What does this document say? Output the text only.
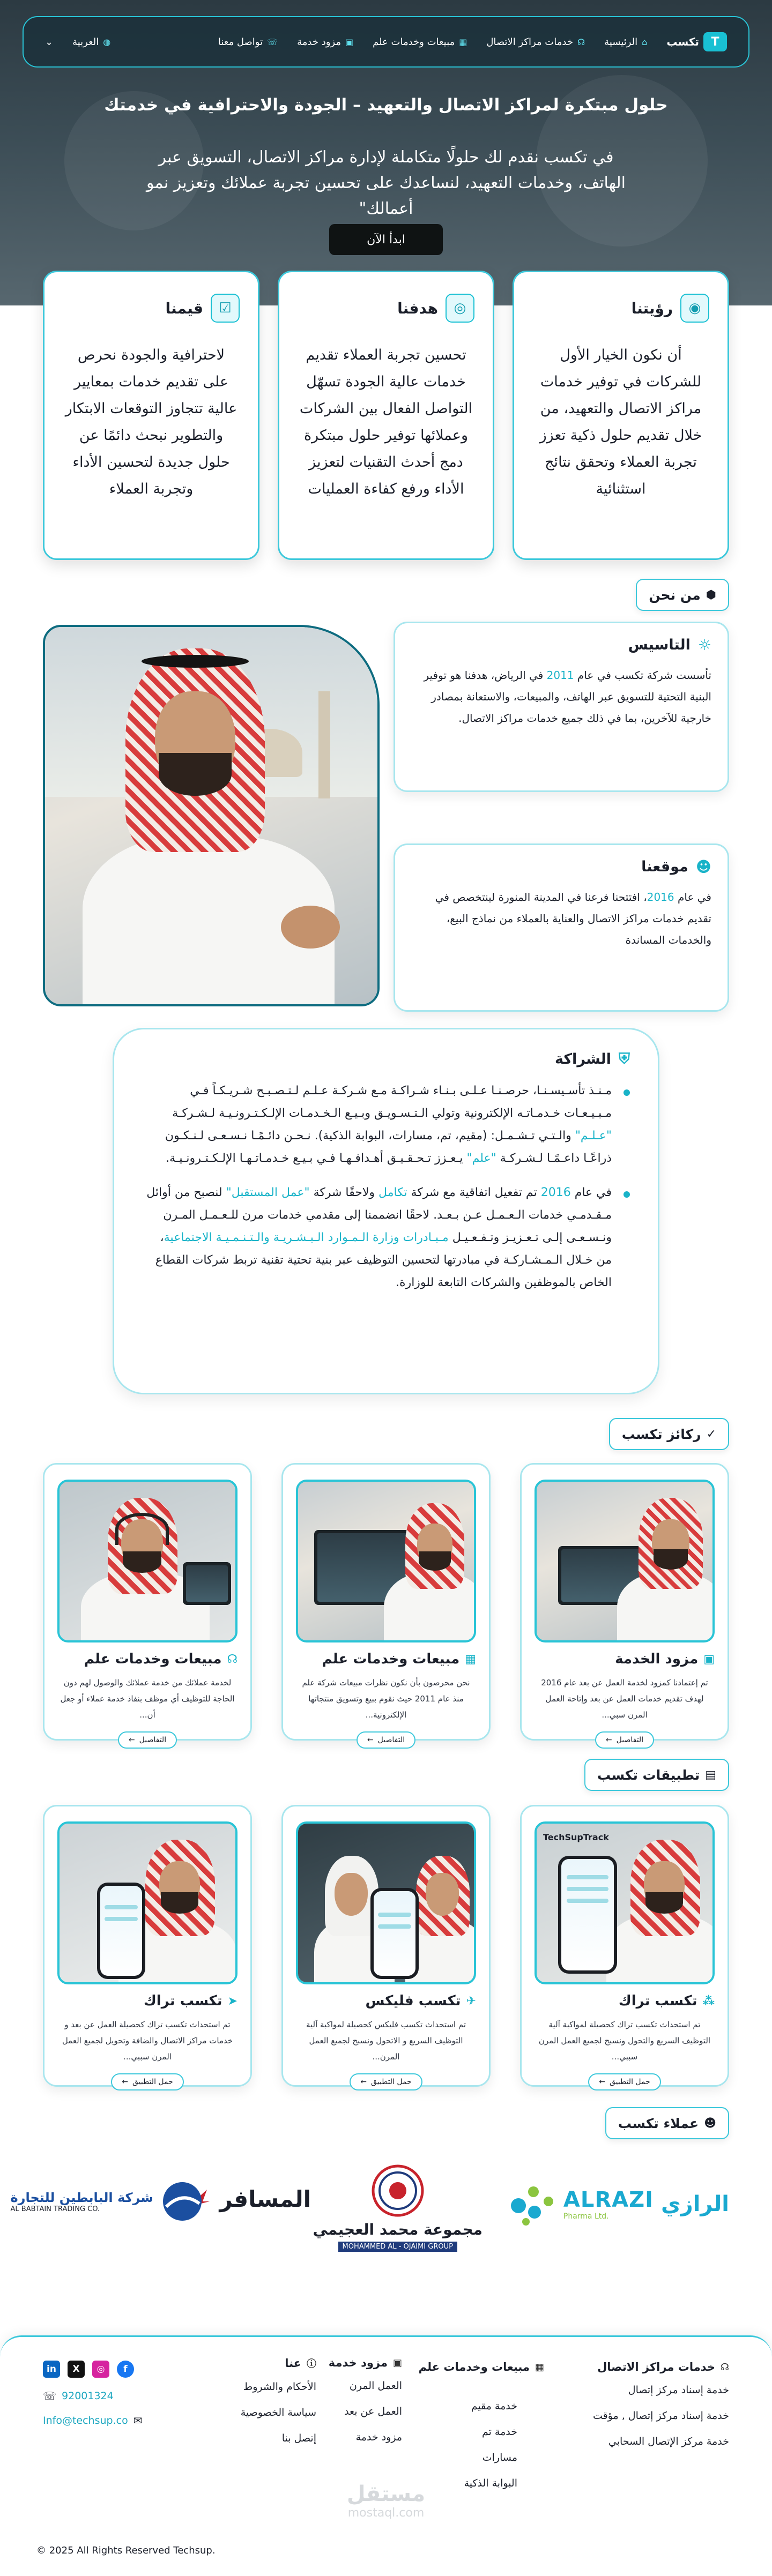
T
تكسب
⌂
الرئيسية
☊
خدمات مراكز الاتصال
▦
مبيعات وخدمات علم
▣
مزود خدمة
☏
تواصل معنا
◍
العربية
⌄
حلول مبتكرة لمراكز الاتصال والتعهيد – الجودة والاحترافية في خدمتك

في تكسب نقدم لك حلولًا متكاملة لإدارة مراكز الاتصال، التسويق عبر الهاتف، وخدمات التعهيد، لنساعدك على تحسين تجربة عملائك وتعزيز نمو أعمالك"

ابدأ الآن
◉
رؤيتنا

أن نكون الخيار الأول للشركات في توفير خدمات مراكز الاتصال والتعهيد، من خلال تقديم حلول ذكية تعزز تجربة العملاء وتحقق نتائج استثنائية

◎
هدفنا

تحسين تجربة العملاء تقديم خدمات عالية الجودة تسهّل التواصل الفعال بين الشركات وعملائها توفير حلول مبتكرة دمج أحدث التقنيات لتعزيز الأداء ورفع كفاءة العمليات

☑
قيمنا

لاحترافية والجودة نحرص على تقديم خدمات بمعايير عالية تتجاوز التوقعات الابتكار والتطوير نبحث دائمًا عن حلول جديدة لتحسين الأداء وتجربة العملاء

⬢
من نحن
☼
التاسيس

تأسست شركة تكسب في عام 2011 في الرياض، هدفنا هو توفير البنية التحتية للتسويق عبر الهاتف، والمبيعات، والاستعانة بمصادر خارجية للآخرين، بما في ذلك جميع خدمات مراكز الاتصال.

☻
موقعنا

في عام 2016، افتتحنا فرعنا في المدينة المنورة لينتخصص في تقديم خدمات مراكز الاتصال والعناية بالعملاء من نماذج البيع، والخدمات المساندة

⛨
الشراكة

مـنـذ تأسـيسـنـا، حرصـنـا عـلـى بـنـاء شـراكـة مـع شـركـة عـلـم لـتـصـبـح شـريـكـاً فـي مـبـيـعـات خـدمـاتـه الإلكترونية وتولي الـتـسـويـق وبـيـع الـخـدمـات الإلـكـتـرونـيـة لـشـركـة "عـلـم" والـتـي تـشـمـل: (مقيم، تم، مسارات، البوابة الذكية). نـحـن دائـمًـا نـسـعـى لـنـكـون ذراعًـا داعـمًـا لـشـركـة "علم" يـعـزز تـحـقـيـق أهـدافـهـا فـي بـيـع خـدمـاتـهـا الإلـكـتـرونـيـة.

في عام 2016 تم تفعيل اتفاقية مع شركة تكامل ولاحقًا شركة "عمل المستقبل" لنصبح من أوائل مـقـدمـي خدمات الـعـمـل عـن بـعـد. لاحقًا انضممنا إلى مقدمي خدمات مرن للـعـمـل المـرن ونـسـعـى إلـى تـعـزيـز وتـفـعـيـل مـبـادرات وزارة الـمـوارد الـبـشـريـة والـتـنـمـيـة الاجتماعية، من خـلال الـمـشـاركـة في مبادرتها لتحسين التوظيف عبر بنية تحتية تقنية تربط شركات القطاع الخاص بالموظفين والشركات التابعة للوزارة.

✓
ركائز تكسب
▣
مزود الخدمة

تم إعتمادنا كمزود لخدمة العمل عن بعد عام 2016 لهدف تقديم خدمات العمل عن بعد وإتاحة العمل المرن سبي...

التفاصيل
←
▦
مبيعات وخدمات علم

نحن محرصون بأن نكون نظرات مبيعات شركة علم منذ عام 2011 حيث نقوم ببيع وتسويق منتجاتها الإلكترونية...

التفاصيل
←
☊
مبيعات وخدمات علم

لخدمة عملائك من خدمة عملائك والوصول لهم دون الحاجة للتوظيف أي موظف بنفاذ خدمة عملاء أو جعل أن...

التفاصيل
←
▤
تطبيقات تكسب
TechSupTrack
⁂
تكسب تراك

تم استحداث تكسب تراك كحصيلة لمواكبة آلية التوظيف السريع والتحول ونسبح لجميع العمل المرن سببي...

حمل التطبيق
←
✈
تكسب فليكس

تم استحداث تكسب فليكس كحصيلة لمواكبة آلية التوظيف السريع و الاتحول ونسبح لجميع العمل المرن...

حمل التطبيق
←
➤
تكسب تراك

تم استحداث تكسب تراك كحصيلة العمل عن بعد و خدمات مراكز الاتصال والضافة وتحويل لجميع العمل المرن سببي...

حمل التطبيق
←
☻
عملاء تكسب
ALRAZI
Pharma Ltd.	الرازي
مجموعة محمد العجيمي
MOHAMMED AL - OJAIMI GROUP
المسافر
شركة البابطين للتجارة
AL BABTAIN TRADING CO.
☊
خدمات مراكز الاتصال
خدمة إسناد مركز إتصال
خدمة إسناد مركز إتصال , مؤقت
خدمة مركز الإتصال السحابي
▦
مبيعات وخدمات علم
خدمة مقيم
خدمة تم
مسارات
البوابة الذكية
▣
مزود خدمة
العمل المرن
العمل عن بعد
مزود خدمة
ⓘ
عنا
الأحكام والشروط
سياسة الخصوصية
إتصل بنا
in	X	◎	f
☏ 92001324
Info@techsup.co ✉
مستقل
mostaql.com
© 2025 All Rights Reserved Techsup.
